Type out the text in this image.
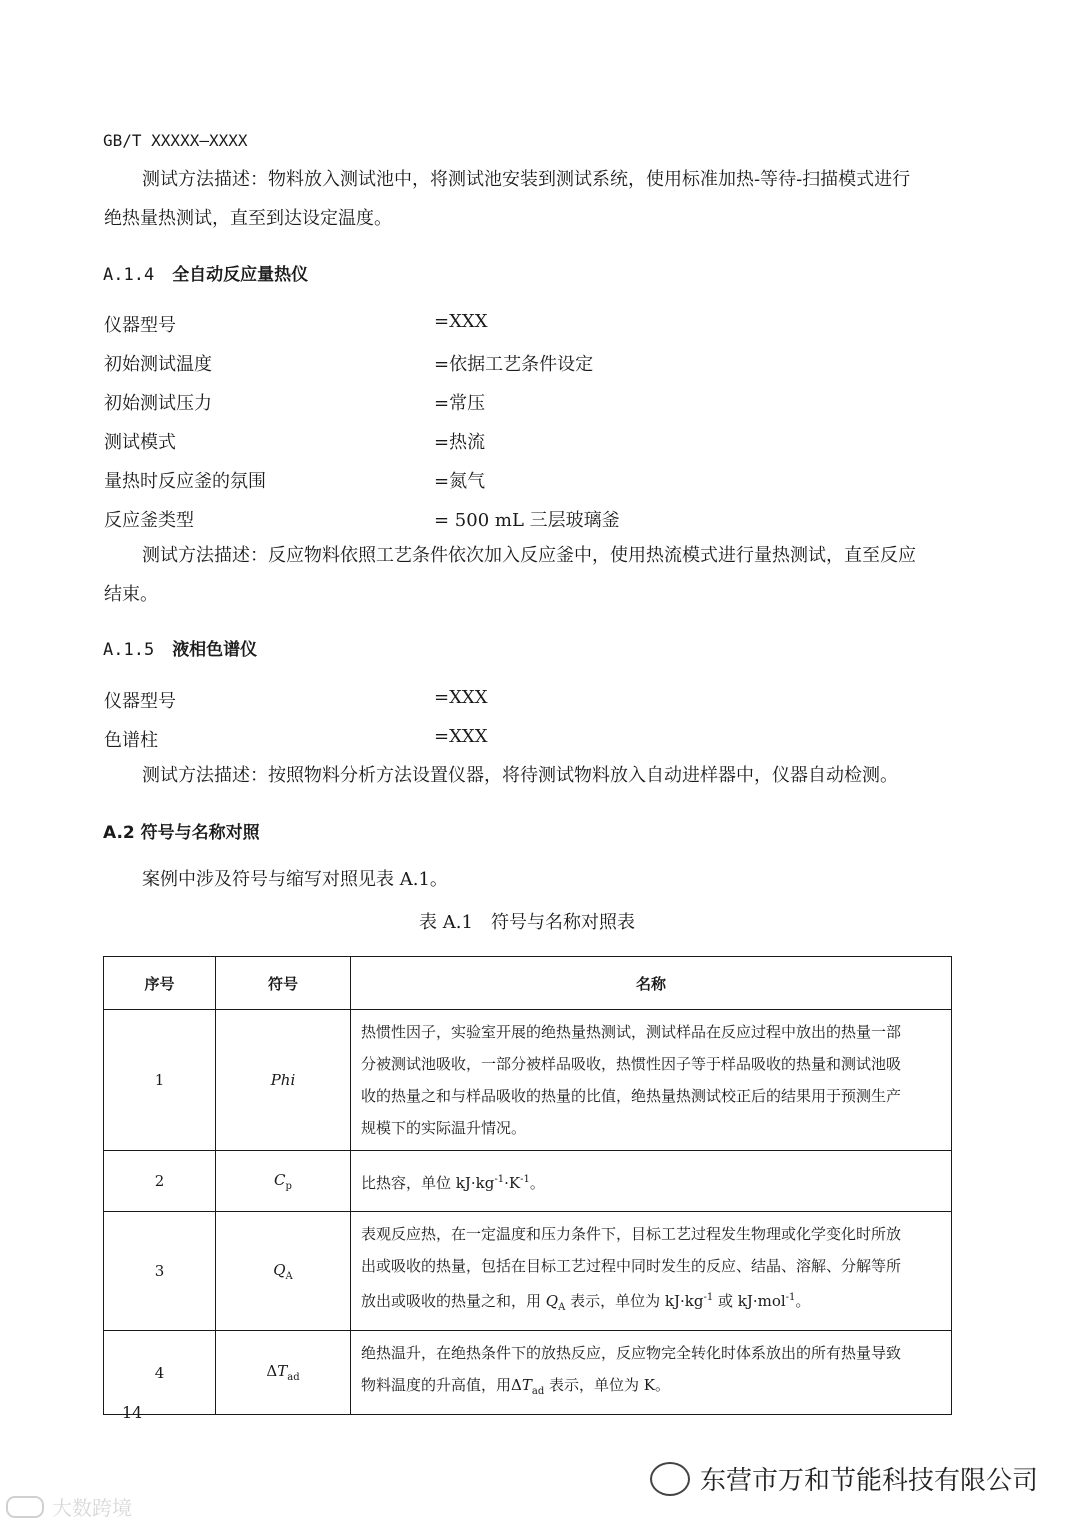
GB/T XXXXX—XXXX
测试方法描述：物料放入测试池中，将测试池安装到测试系统，使用标准加热-等待-扫描模式进行
绝热量热测试，直至到达设定温度。
A.1.4 全自动反应量热仪
仪器型号	=XXX
初始测试温度	=依据工艺条件设定
初始测试压力	=常压
测试模式	=热流
量热时反应釜的氛围	=氮气
反应釜类型	= 500 mL 三层玻璃釜
测试方法描述：反应物料依照工艺条件依次加入反应釜中，使用热流模式进行量热测试，直至反应
结束。
A.1.5 液相色谱仪
仪器型号	=XXX
色谱柱	=XXX
测试方法描述：按照物料分析方法设置仪器，将待测试物料放入自动进样器中，仪器自动检测。
A.2 符号与名称对照
案例中涉及符号与缩写对照见表 A.1。
表 A.1　符号与名称对照表
序号	符号	名称
1	Phi	热惯性因子，实验室开展的绝热量热测试，测试样品在反应过程中放出的热量一部
分被测试池吸收，一部分被样品吸收，热惯性因子等于样品吸收的热量和测试池吸
收的热量之和与样品吸收的热量的比值，绝热量热测试校正后的结果用于预测生产
规模下的实际温升情况。

2	$C_p$	比热容，单位 $kJ\cdot kg^{-1}\cdot K^{-1}$。
3	$Q_A$	表观反应热，在一定温度和压力条件下，目标工艺过程发生物理或化学变化时所放
出或吸收的热量，包括在目标工艺过程中同时发生的反应、结晶、溶解、分解等所
放出或吸收的热量之和，用 $Q_A$ 表示，单位为 $kJ\cdot kg^{-1}$ 或 kJ·mol$^{-1}$。

4	$\Delta T_{ad}$	绝热温升，在绝热条件下的放热反应，反应物完全转化时体系放出的所有热量导致
物料温度的升高值，用$\Delta T_{ad}$ 表示，单位为 K。
14
东营市万和节能科技有限公司
大数跨境
